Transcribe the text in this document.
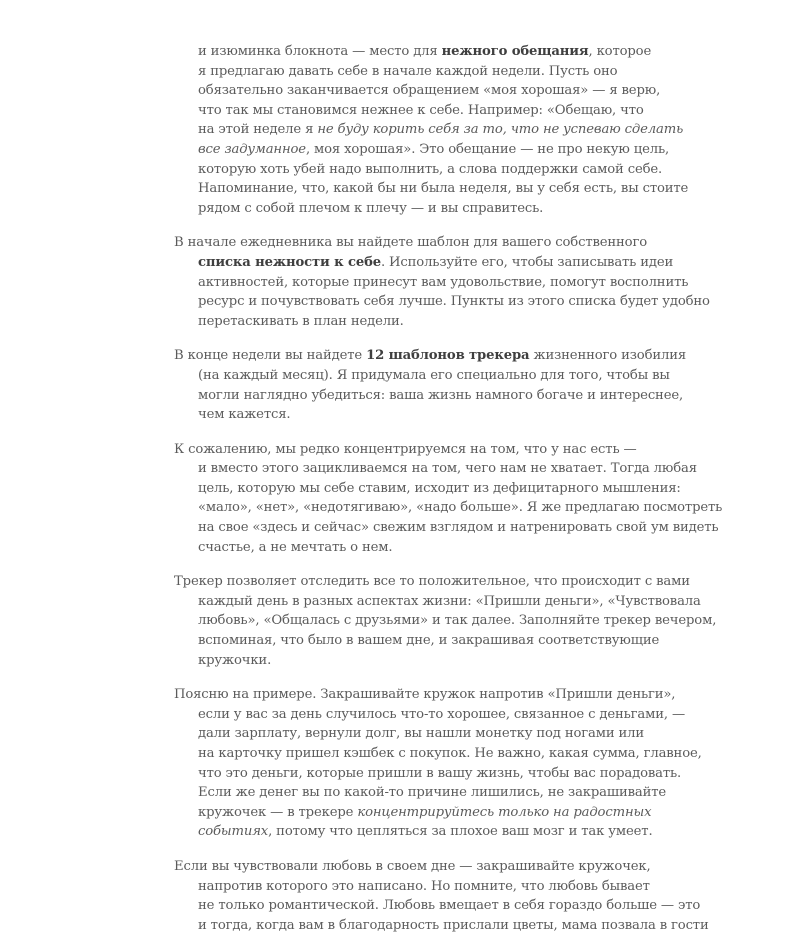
и изюминка блокнота — место для нежного обещания, которое
я предлагаю давать себе в начале каждой недели. Пусть оно
обязательно заканчивается обращением «моя хорошая» — я верю,
что так мы становимся нежнее к себе. Например: «Обещаю, что
на этой неделе я не буду корить себя за то, что не успеваю сделать
все задуманное, моя хорошая». Это обещание — не про некую цель,
которую хоть убей надо выполнить, а слова поддержки самой себе.
Напоминание, что, какой бы ни была неделя, вы у себя есть, вы стоите
рядом с собой плечом к плечу — и вы справитесь.
В начале ежедневника вы найдете шаблон для вашего собственного
списка нежности к себе. Используйте его, чтобы записывать идеи
активностей, которые принесут вам удовольствие, помогут восполнить
ресурс и почувствовать себя лучше. Пункты из этого списка будет удобно
перетаскивать в план недели.
В конце недели вы найдете 12 шаблонов трекера жизненного изобилия
(на каждый месяц). Я придумала его специально для того, чтобы вы
могли наглядно убедиться: ваша жизнь намного богаче и интереснее,
чем кажется.
К сожалению, мы редко концентрируемся на том, что у нас есть —
и вместо этого зацикливаемся на том, чего нам не хватает. Тогда любая
цель, которую мы себе ставим, исходит из дефицитарного мышления:
«мало», «нет», «недотягиваю», «надо больше». Я же предлагаю посмотреть
на свое «здесь и сейчас» свежим взглядом и натренировать свой ум видеть
счастье, а не мечтать о нем.
Трекер позволяет отследить все то положительное, что происходит с вами
каждый день в разных аспектах жизни: «Пришли деньги», «Чувствовала
любовь», «Общалась с друзьями» и так далее. Заполняйте трекер вечером,
вспоминая, что было в вашем дне, и закрашивая соответствующие
кружочки.
Поясню на примере. Закрашивайте кружок напротив «Пришли деньги»,
если у вас за день случилось что-то хорошее, связанное с деньгами, —
дали зарплату, вернули долг, вы нашли монетку под ногами или
на карточку пришел кэшбек с покупок. Не важно, какая сумма, главное,
что это деньги, которые пришли в вашу жизнь, чтобы вас порадовать.
Если же денег вы по какой-то причине лишились, не закрашивайте
кружочек — в трекере концентрируйтесь только на радостных
событиях, потому что цепляться за плохое ваш мозг и так умеет.
Если вы чувствовали любовь в своем дне — закрашивайте кружочек,
напротив которого это написано. Но помните, что любовь бывает
не только романтической. Любовь вмещает в себя гораздо больше — это
и тогда, когда вам в благодарность прислали цветы, мама позвала в гости
